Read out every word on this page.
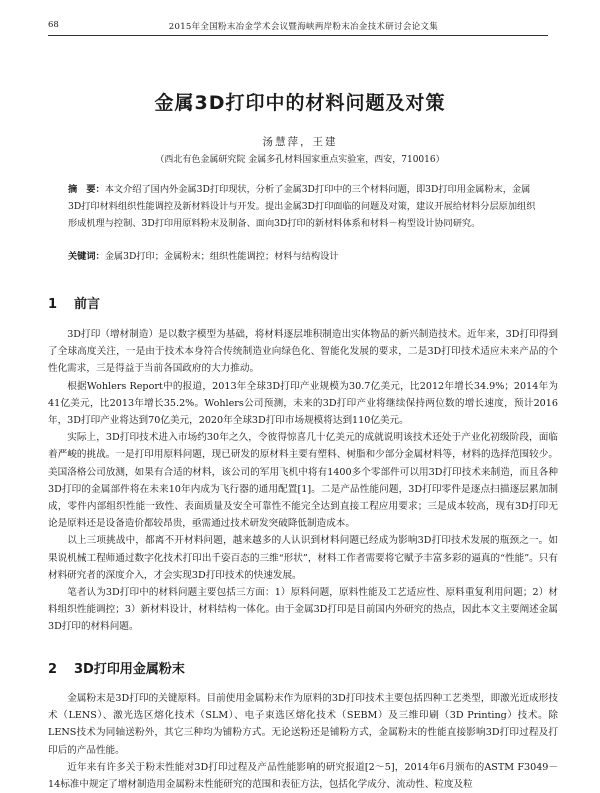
68	2015年全国粉末冶金学术会议暨海峡两岸粉末冶金技术研讨会论文集
金属3D打印中的材料问题及对策
汤慧萍，王建
（西北有色金属研究院 金属多孔材料国家重点实验室，西安，710016）
摘　要：本文介绍了国内外金属3D打印现状，分析了金属3D打印中的三个材料问题，即3D打印用金属粉末，金属3D打印材料组织性能调控及新材料设计与开发。提出金属3D打印面临的问题及对策，建议开展给材料分层原加组织形成机理与控制、3D打印用原料粉末及制备、面向3D打印的新材料体系和材料－构型设计协同研究。
关键词：金属3D打印；金属粉末；组织性能调控；材料与结构设计
1 前言

3D打印（增材制造）是以数字模型为基础，将材料逐层堆积制造出实体物品的新兴制造技术。近年来，3D打印得到了全球高度关注，一是由于技术本身符合传统制造业向绿色化、智能化发展的要求，二是3D打印技术适应未来产品的个性化需求，三是得益于当前各国政府的大力推动。

根据Wohlers Report中的报道，2013年全球3D打印产业规模为30.7亿美元，比2012年增长34.9%；2014年为41亿美元，比2013年增长35.2%。Wohlers公司预测，未来的3D打印产业将继续保持两位数的增长速度，预计2016年，3D打印产业将达到70亿美元，2020年全球3D打印市场规模将达到110亿美元。

实际上，3D打印技术进入市场约30年之久，令彼得惊喜几十亿美元的成就说明该技术还处于产业化初级阶段，面临着严峻的挑战。一是打印用原料问题，现已研发的原材料主要有塑料、树脂和少部分金属材料等，材料的选择范围较少。美国洛格公司放测，如果有合适的材料，该公司的军用飞机中将有1400多个零部件可以用3D打印技术来制造，而且各种3D打印的金属部件将在未来10年内成为飞行器的通用配置[1]。二是产品性能问题，3D打印零件是逐点扫描逐层累加制成，零件内部组织性能一致性、表面质量及安全可靠性不能完全达到直接工程应用要求；三是成本较高，现有3D打印无论是原料还是设备造价都较昂贵，亟需通过技术研发突破降低制造成本。

以上三项挑战中，都离不开材料问题，越来越多的人认识到材料问题已经成为影响3D打印技术发展的瓶颈之一。如果说机械工程师通过数字化技术打印出千姿百态的三维“形状”，材料工作者需要将它赋予丰富多彩的逼真的“性能”。只有材料研究者的深度介入，才会实现3D打印技术的快速发展。

笔者认为3D打印中的材料问题主要包括三方面：1）原料问题，原料性能及工艺适应性、原料重复利用问题；2）材料组织性能调控；3）新材料设计，材料结构一体化。由于金属3D打印是目前国内外研究的热点，因此本文主要阐述金属3D打印的材料问题。

2 3D打印用金属粉末

金属粉末是3D打印的关键原料。目前使用金属粉末作为原料的3D打印技术主要包括四种工艺类型，即激光近成形技术（LENS）、激光选区熔化技术（SLM）、电子束选区熔化技术（SEBM）及三维印刷（3D Printing）技术。除LENS技术为同轴送粉外，其它三种均为铺粉方式。无论送粉还是铺粉方式，金属粉末的性能直接影响3D打印过程及打印后的产品性能。

近年来有许多关于粉末性能对3D打印过程及产品性能影响的研究报道[2～5]，2014年6月颁布的ASTM F3049－14标准中规定了增材制造用金属粉末性能研究的范围和表征方法，包括化学成分、流动性、粒度及粒
